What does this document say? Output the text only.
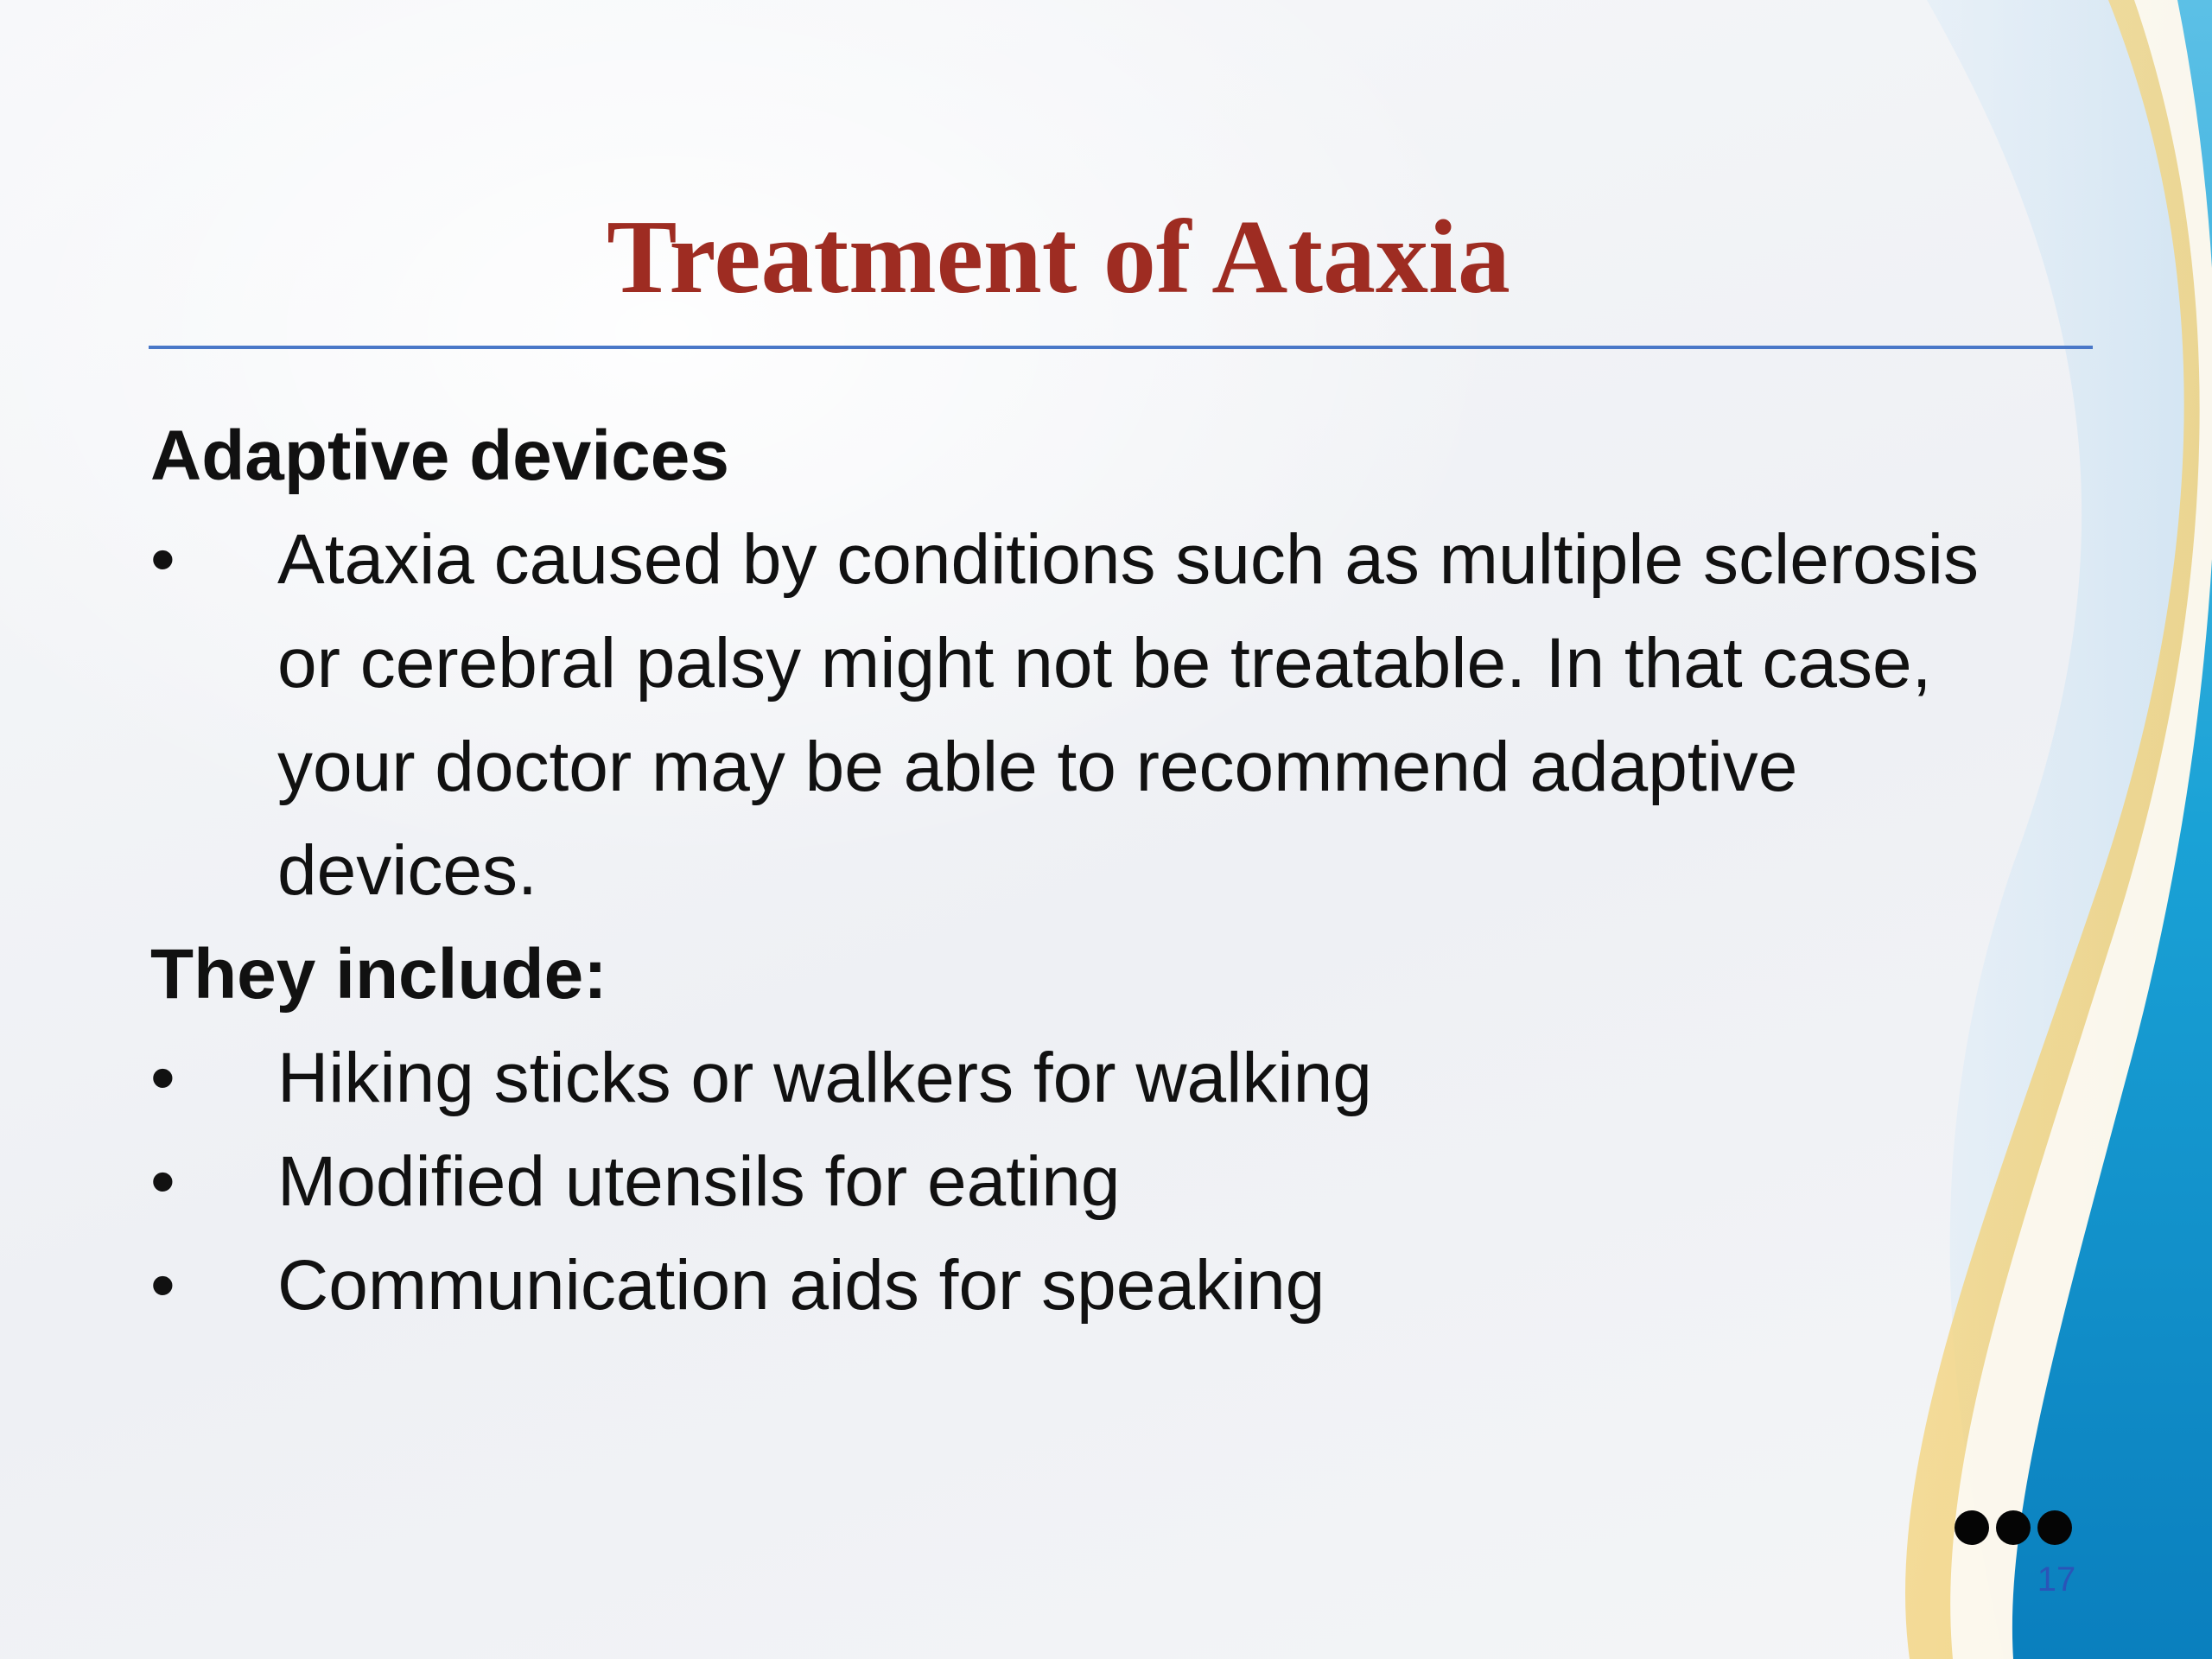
Treatment of Ataxia

Adaptive devices

•	Ataxia caused by conditions such as multiple sclerosis or cerebral palsy might not be treatable. In that case, your doctor may be able to recommend adaptive devices.

They include:

•	Hiking sticks or walkers for walking

•	Modified utensils for eating

•	Communication aids for speaking

17
